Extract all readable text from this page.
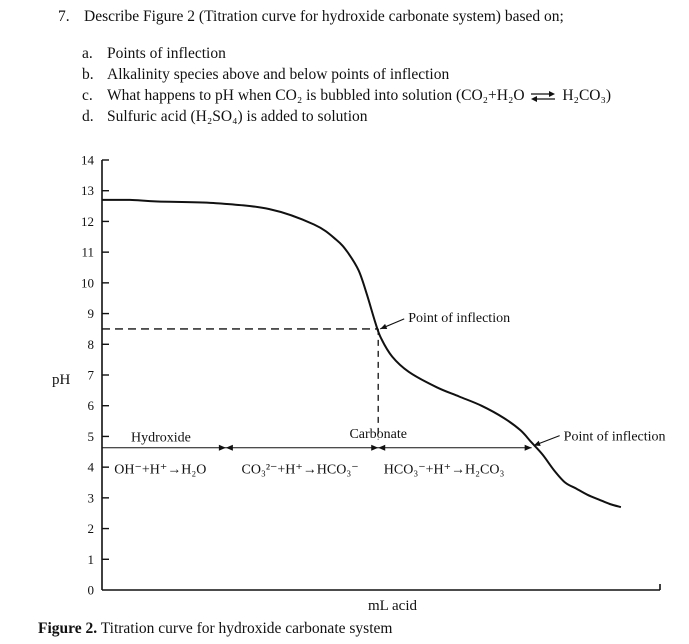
7. Describe Figure 2 (Titration curve for hydroxide carbonate system) based on;
a. Points of inflection
b. Alkalinity species above and below points of inflection
c. What happens to pH when CO₂ is bubbled into solution (CO₂+H₂O ⇌ H₂CO₃)
d. Sulfuric acid (H₂SO₄) is added to solution
0
1
2
3
4
5
6
7
8
9
10
11
12
13
14
Point of inflection
Point of inflection
Hydroxide	Carbonate
OH⁻+H⁺→H₂O	CO₃²⁻+H⁺→HCO₃⁻ HCO₃⁻+H⁺→H₂CO₃
pH
mL acid
Figure 2. Titration curve for hydroxide carbonate system
